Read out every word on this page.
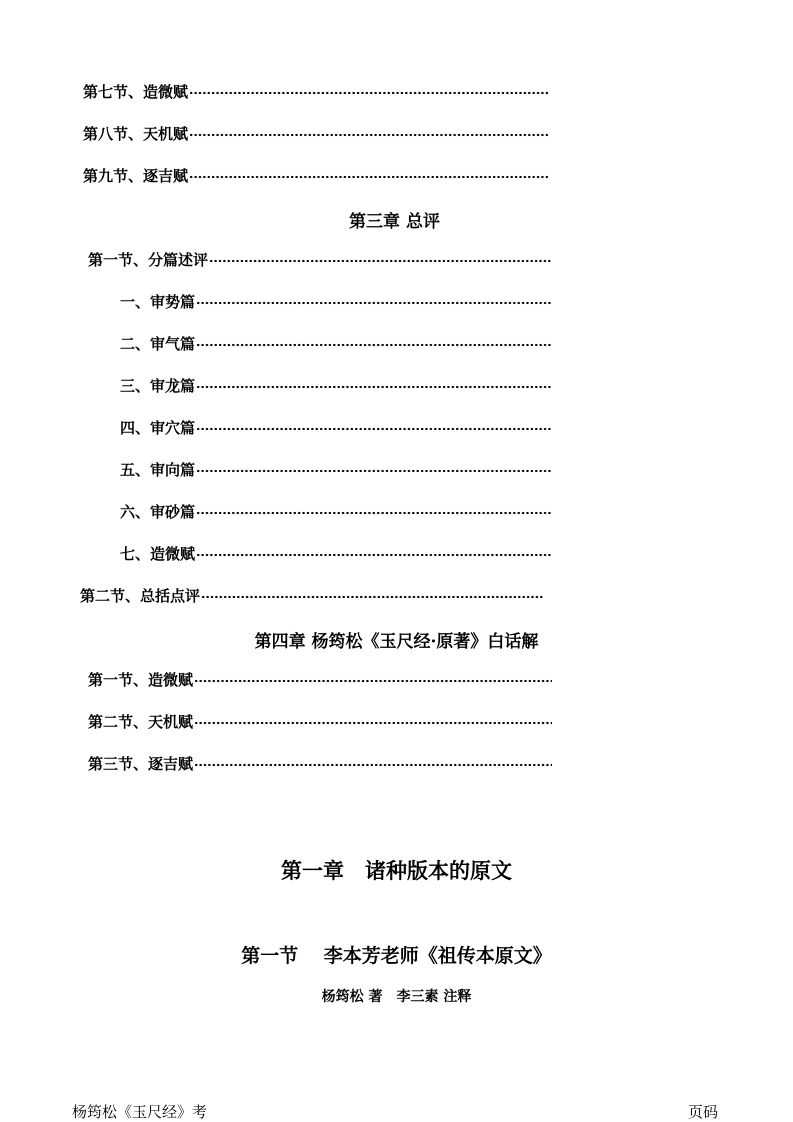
第七节、造微赋
第八节、天机赋
第九节、逐吉赋
第三章 总评
第一节、分篇述评
一、审势篇
二、审气篇
三、审龙篇
四、审穴篇
五、审向篇
六、审砂篇
七、造微赋
第二节、总括点评
第四章 杨筠松《玉尺经·原著》白话解
第一节、造微赋
第二节、天机赋
第三节、逐吉赋
第一章　诸种版本的原文
第一节　 李本芳老师《祖传本原文》
杨筠松 著　李三素 注释
杨筠松《玉尺经》考	页码
